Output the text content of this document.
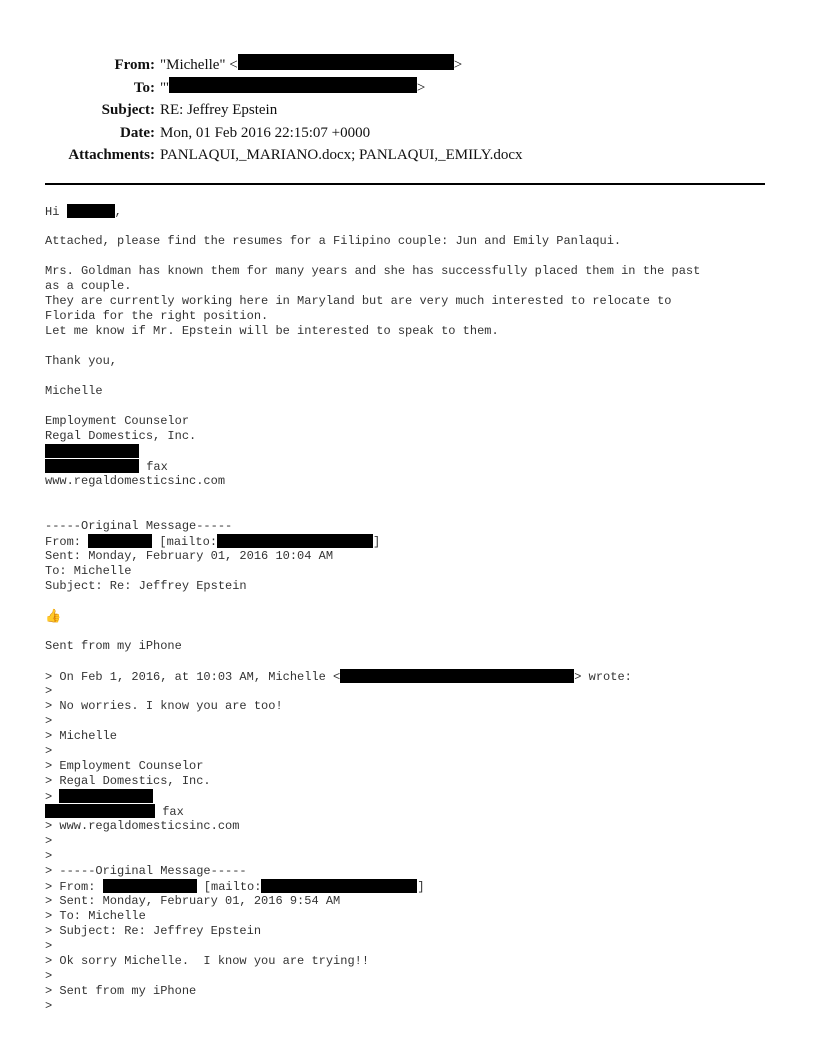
From: "Michelle" <	>
To: "'	>
Subject: RE: Jeffrey Epstein
Date: Mon, 01 Feb 2016 22:15:07 +0000
Attachments: PANLAQUI,_MARIANO.docx; PANLAQUI,_EMILY.docx
Hi	,
Attached, please find the resumes for a Filipino couple: Jun and Emily Panlaqui.
Mrs. Goldman has known them for many years and she has successfully placed them in the past
as a couple.
They are currently working here in Maryland but are very much interested to relocate to
Florida for the right position.
Let me know if Mr. Epstein will be interested to speak to them.
Thank you,
Michelle
Employment Counselor
Regal Domestics, Inc.
fax
www.regaldomesticsinc.com
-----Original Message-----
From:	[mailto:	]
Sent: Monday, February 01, 2016 10:04 AM
To: Michelle
Subject: Re: Jeffrey Epstein
👍
Sent from my iPhone
> On Feb 1, 2016, at 10:03 AM, Michelle <	> wrote:
>
> No worries. I know you are too!
>
> Michelle
>
> Employment Counselor
> Regal Domestics, Inc.
>
fax
> www.regaldomesticsinc.com
>
>
> -----Original Message-----
> From:	[mailto:	]
> Sent: Monday, February 01, 2016 9:54 AM
> To: Michelle
> Subject: Re: Jeffrey Epstein
>
> Ok sorry Michelle.  I know you are trying!!
>
> Sent from my iPhone
>
